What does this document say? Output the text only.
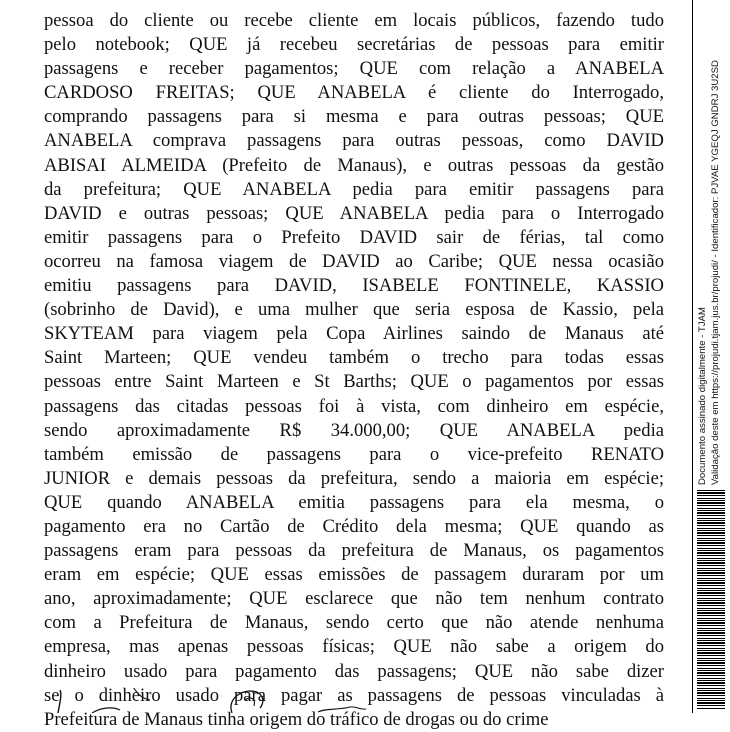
pessoa do cliente ou recebe cliente em locais públicos, fazendo tudo
pelo notebook; QUE já recebeu secretárias de pessoas para emitir
passagens e receber pagamentos; QUE com relação a ANABELA
CARDOSO FREITAS; QUE ANABELA é cliente do Interrogado,
comprando passagens para si mesma e para outras pessoas; QUE
ANABELA comprava passagens para outras pessoas, como DAVID
ABISAI ALMEIDA (Prefeito de Manaus), e outras pessoas da gestão
da prefeitura; QUE ANABELA pedia para emitir passagens para
DAVID e outras pessoas; QUE ANABELA pedia para o Interrogado
emitir passagens para o Prefeito DAVID sair de férias, tal como
ocorreu na famosa viagem de DAVID ao Caribe; QUE nessa ocasião
emitiu passagens para DAVID, ISABELE FONTINELE, KASSIO
(sobrinho de David), e uma mulher que seria esposa de Kassio, pela
SKYTEAM para viagem pela Copa Airlines saindo de Manaus até
Saint Marteen; QUE vendeu também o trecho para todas essas
pessoas entre Saint Marteen e St Barths; QUE o pagamentos por essas
passagens das citadas pessoas foi à vista, com dinheiro em espécie,
sendo aproximadamente R$ 34.000,00; QUE ANABELA pedia
também emissão de passagens para o vice-prefeito RENATO
JUNIOR e demais pessoas da prefeitura, sendo a maioria em espécie;
QUE quando ANABELA emitia passagens para ela mesma, o
pagamento era no Cartão de Crédito dela mesma; QUE quando as
passagens eram para pessoas da prefeitura de Manaus, os pagamentos
eram em espécie; QUE essas emissões de passagem duraram por um
ano, aproximadamente; QUE esclarece que não tem nenhum contrato
com a Prefeitura de Manaus, sendo certo que não atende nenhuma
empresa, mas apenas pessoas físicas; QUE não sabe a origem do
dinheiro usado para pagamento das passagens; QUE não sabe dizer
se o dinheiro usado para pagar as passagens de pessoas vinculadas à
Prefeitura de Manaus tinha origem do tráfico de drogas ou do crime
Documento assinado digitalmente - TJAM Validação deste em https://projudi.tjam.jus.br/projudi/ - Identificador: PJVAE YGEQJ GNDRJ 3U2SD
